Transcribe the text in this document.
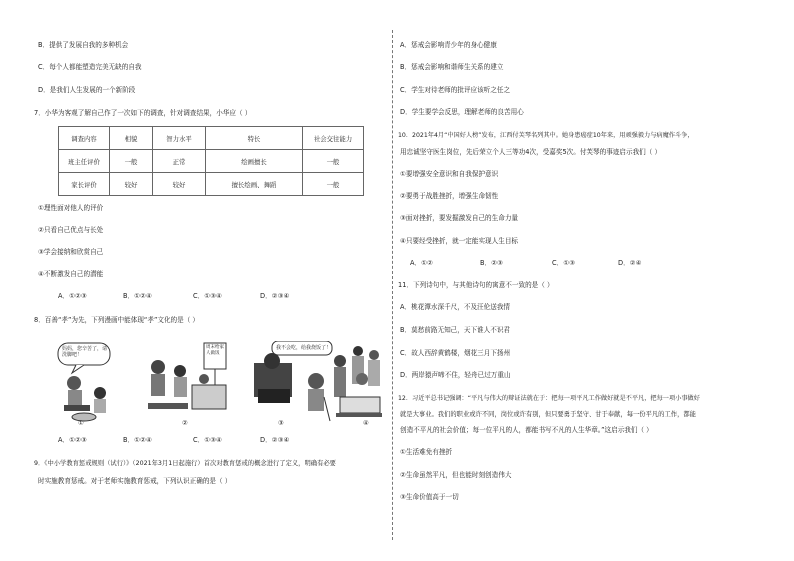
B．提供了发展自我的多种机会
C．每个人都能塑造完美无缺的自我
D．是我们人生发展的一个新阶段
7．小华为客观了解自己作了一次如下的调查，针对调查结果，小华应（ ）
调查内容	相貌	智力水平	特长	社会交往能力
班主任评价	一般	正常	绘画擅长	一般
家长评价	较好	较好	擅长绘画、舞蹈	一般
①理性面对他人的评价
②只看自己优点与长处
③学会接纳和欣赏自己
④不断激发自己的潜能
A．①②③	B．①②④	C．①③④	D．②③④
8．百善“孝”为先，下列漫画中能体现“孝”文化的是（ ）
妈妈，您辛苦了，请洗脚吧！
①
周末给家人做饭
②
我不会吃，给我烧饭了！
③	④
A．①②③	B．①②④	C．①③④	D．②③④
9．《中小学教育惩戒规则（试行）》（2021年3月1日起施行）首次对教育惩戒的概念进行了定义，明确有必要
时实施教育惩戒。对于老师实施教育惩戒，下列认识正确的是（ ）
A．惩戒会影响青少年的身心健康
B．惩戒会影响和谐师生关系的建立
C．学生对待老师的批评应该听之任之
D．学生要学会反思，理解老师的良苦用心
10．2021年4月“中国好人榜”发布，江西付芙琴名列其中。她身患癌症10年来，用顽强毅力与病魔作斗争，
用忠诚坚守医生岗位，先后荣立个人三等功4次，受嘉奖5次。付芙琴的事迹启示我们（ ）
①要增强安全意识和自我保护意识
②要勇于战胜挫折，增强生命韧性
③面对挫折，要发掘激发自己的生命力量
④只要经受挫折，就一定能实现人生目标
A．①②	B．②③	C．①③	D．②④
11．下列诗句中，与其他诗句的寓意不一致的是（ ）
A．桃花潭水深千尺，不及汪伦送我情
B．莫愁前路无知己，天下谁人不识君
C．故人西辞黄鹤楼，烟花三月下扬州
D．两岸猿声啼不住，轻舟已过万重山
12．习近平总书记强调：“平凡与伟大的辩证法就在于：把每一项平凡工作做好就是不平凡，把每一项小事做好
就是大事业。我们的职业或许不同，岗位或许有别，但只要勇于坚守、甘于奉献，每一份平凡的工作，都能
创造不平凡的社会价值；每一位平凡的人，都能书写不凡的人生华章。”这启示我们（ ）
①生活难免有挫折
②生命虽然平凡，但也能时刻创造伟大
③生命价值高于一切
